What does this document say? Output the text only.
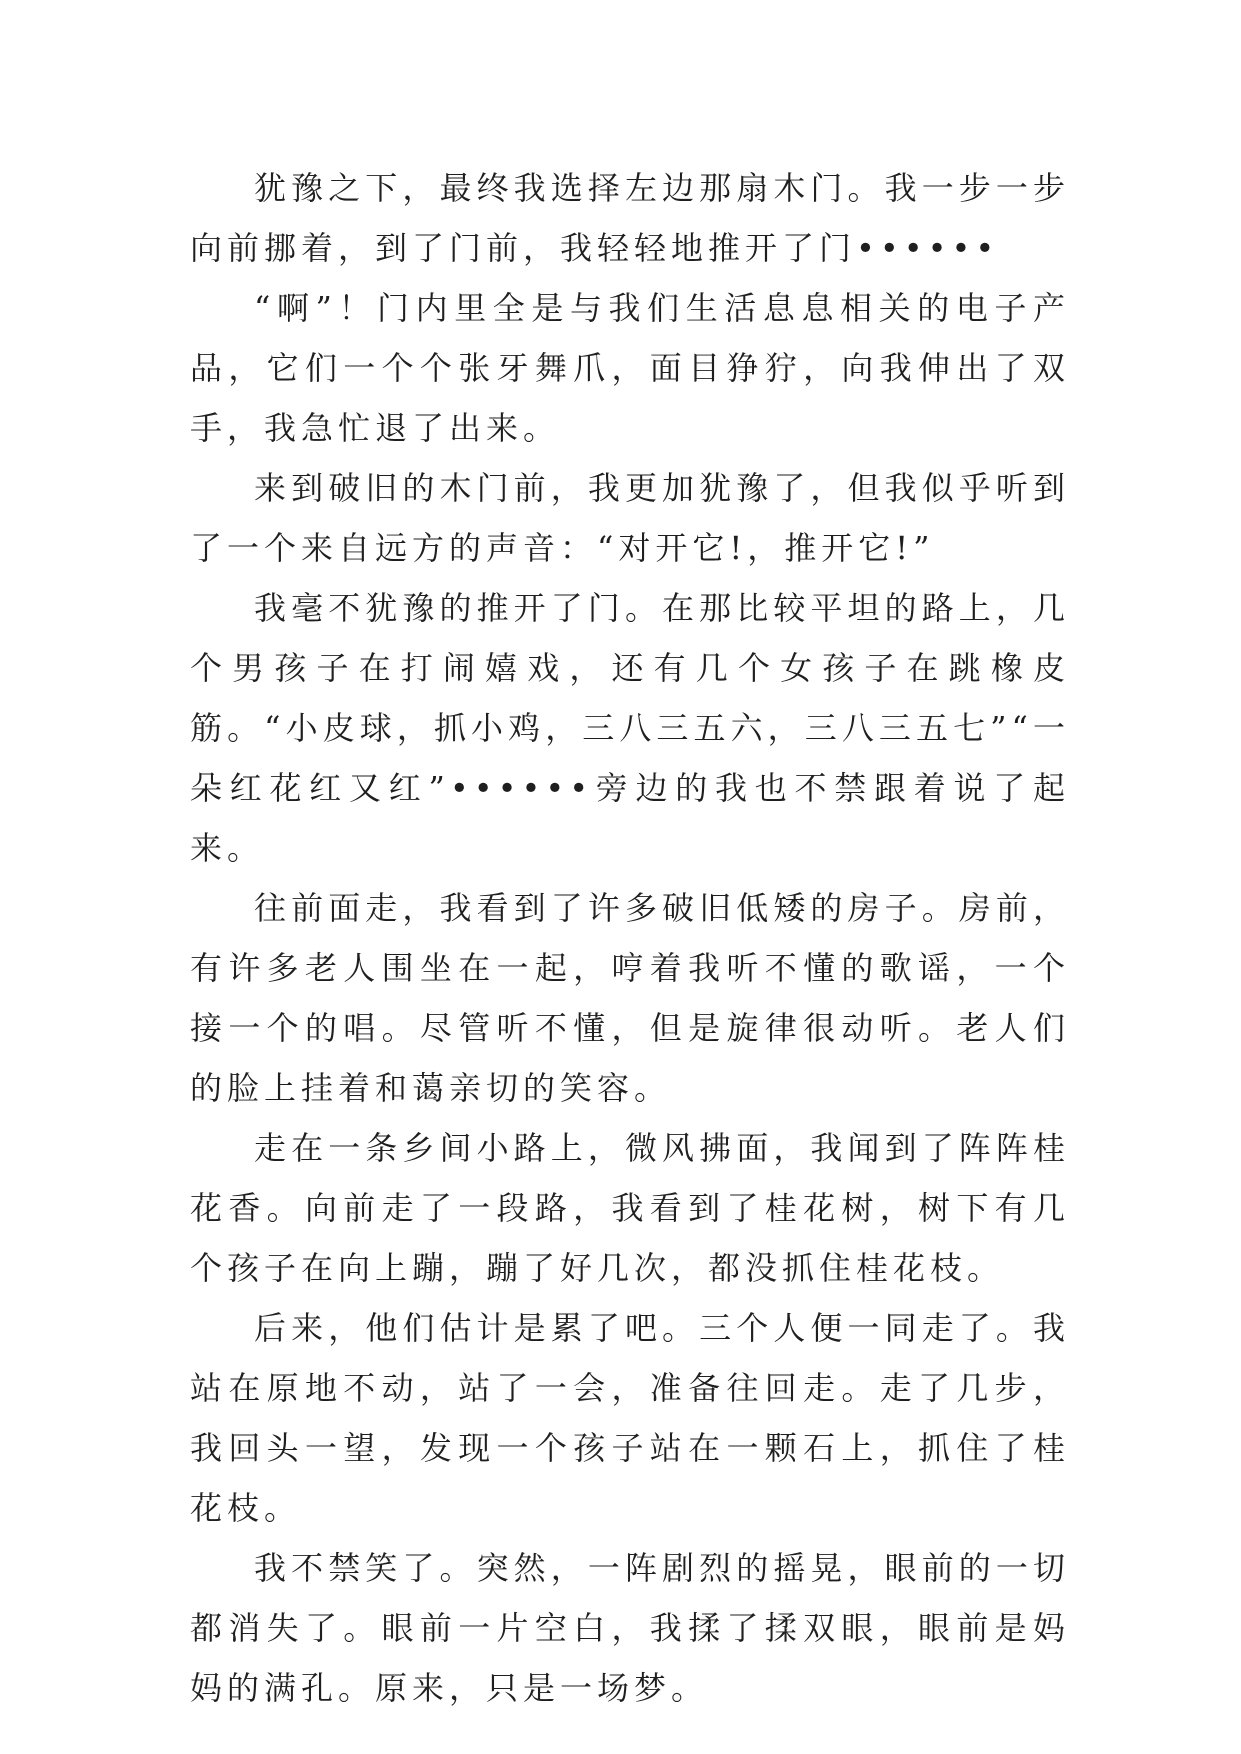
犹豫之下，最终我选择左边那扇木门。我一步一步向前挪着，到了门前，我轻轻地推开了门••••••

“啊”！门内里全是与我们生活息息相关的电子产品，它们一个个张牙舞爪，面目狰狞，向我伸出了双手，我急忙退了出来。

来到破旧的木门前，我更加犹豫了，但我似乎听到了一个来自远方的声音：“对开它!，推开它!”

我毫不犹豫的推开了门。在那比较平坦的路上，几个男孩子在打闹嬉戏，还有几个女孩子在跳橡皮筋。“小皮球，抓小鸡，三八三五六，三八三五七”“一朵红花红又红”••••••旁边的我也不禁跟着说了起来。

往前面走，我看到了许多破旧低矮的房子。房前，有许多老人围坐在一起，哼着我听不懂的歌谣，一个接一个的唱。尽管听不懂，但是旋律很动听。老人们的脸上挂着和蔼亲切的笑容。

走在一条乡间小路上，微风拂面，我闻到了阵阵桂花香。向前走了一段路，我看到了桂花树，树下有几个孩子在向上蹦，蹦了好几次，都没抓住桂花枝。

后来，他们估计是累了吧。三个人便一同走了。我站在原地不动，站了一会，准备往回走。走了几步，我回头一望，发现一个孩子站在一颗石上，抓住了桂花枝。

我不禁笑了。突然，一阵剧烈的摇晃，眼前的一切都消失了。眼前一片空白，我揉了揉双眼，眼前是妈妈的满孔。原来，只是一场梦。
